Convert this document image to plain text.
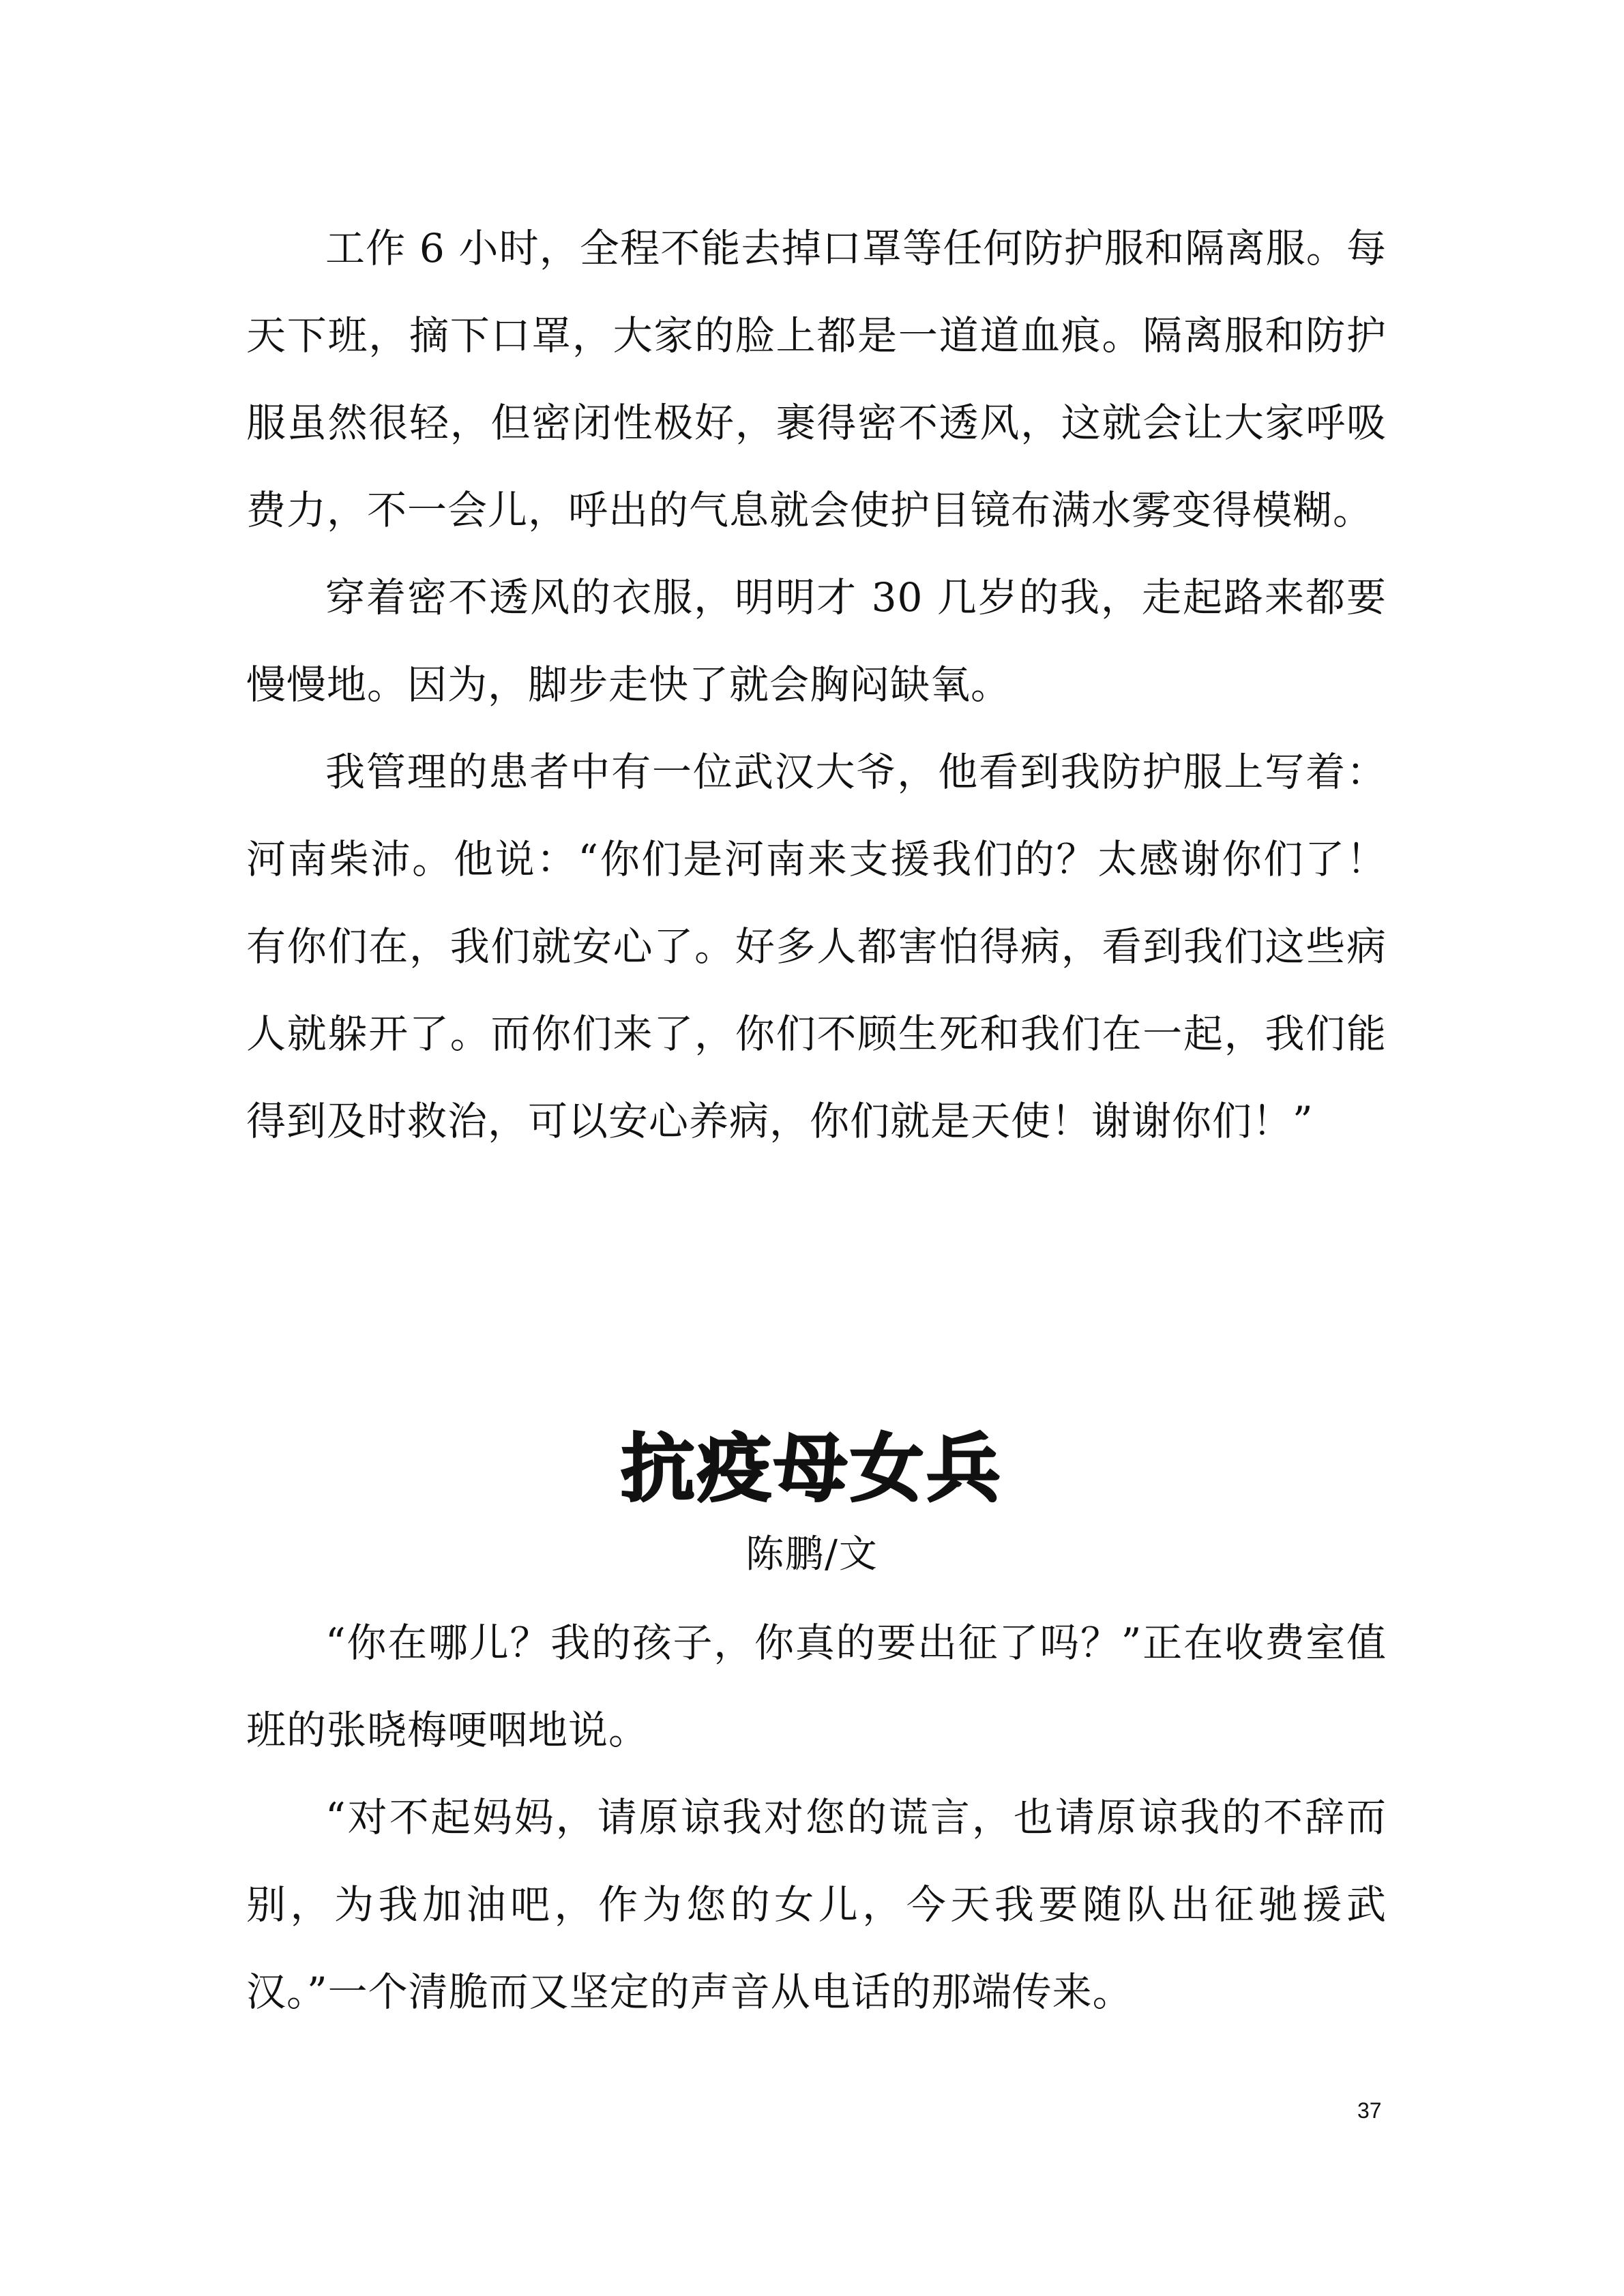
工作 6 小时，全程不能去掉口罩等任何防护服和隔离服。每天下班，摘下口罩，大家的脸上都是一道道血痕。隔离服和防护服虽然很轻，但密闭性极好，裹得密不透风，这就会让大家呼吸费力，不一会儿，呼出的气息就会使护目镜布满水雾变得模糊。

穿着密不透风的衣服，明明才 30 几岁的我，走起路来都要慢慢地。因为，脚步走快了就会胸闷缺氧。

我管理的患者中有一位武汉大爷，他看到我防护服上写着：河南柴沛。他说：“你们是河南来支援我们的？太感谢你们了！有你们在，我们就安心了。好多人都害怕得病，看到我们这些病人就躲开了。而你们来了，你们不顾生死和我们在一起，我们能得到及时救治，可以安心养病，你们就是天使！谢谢你们！”

抗疫母女兵

陈鹏/文

“你在哪儿？我的孩子，你真的要出征了吗？”正在收费室值班的张晓梅哽咽地说。

“对不起妈妈，请原谅我对您的谎言，也请原谅我的不辞而别，为我加油吧，作为您的女儿，今天我要随队出征驰援武汉。”一个清脆而又坚定的声音从电话的那端传来。

37
